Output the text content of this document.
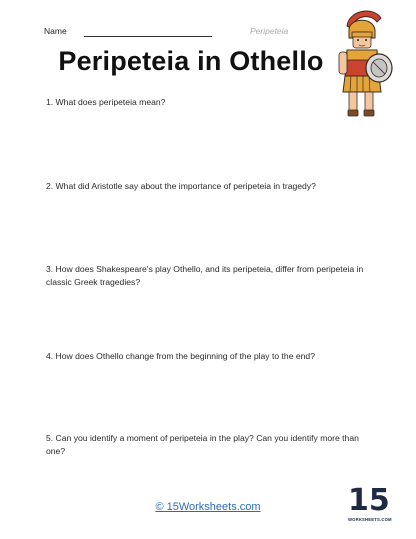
Name	Peripeteia
Peripeteia in Othello
1. What does peripeteia mean?
2. What did Aristotle say about the importance of peripeteia in tragedy?
3. How does Shakespeare's play Othello, and its peripeteia, differ from peripeteia in classic Greek tragedies?
4. How does Othello change from the beginning of the play to the end?
5. Can you identify a moment of peripeteia in the play? Can you identify more than one?
© 15Worksheets.com	15
WORKSHEETS.COM
